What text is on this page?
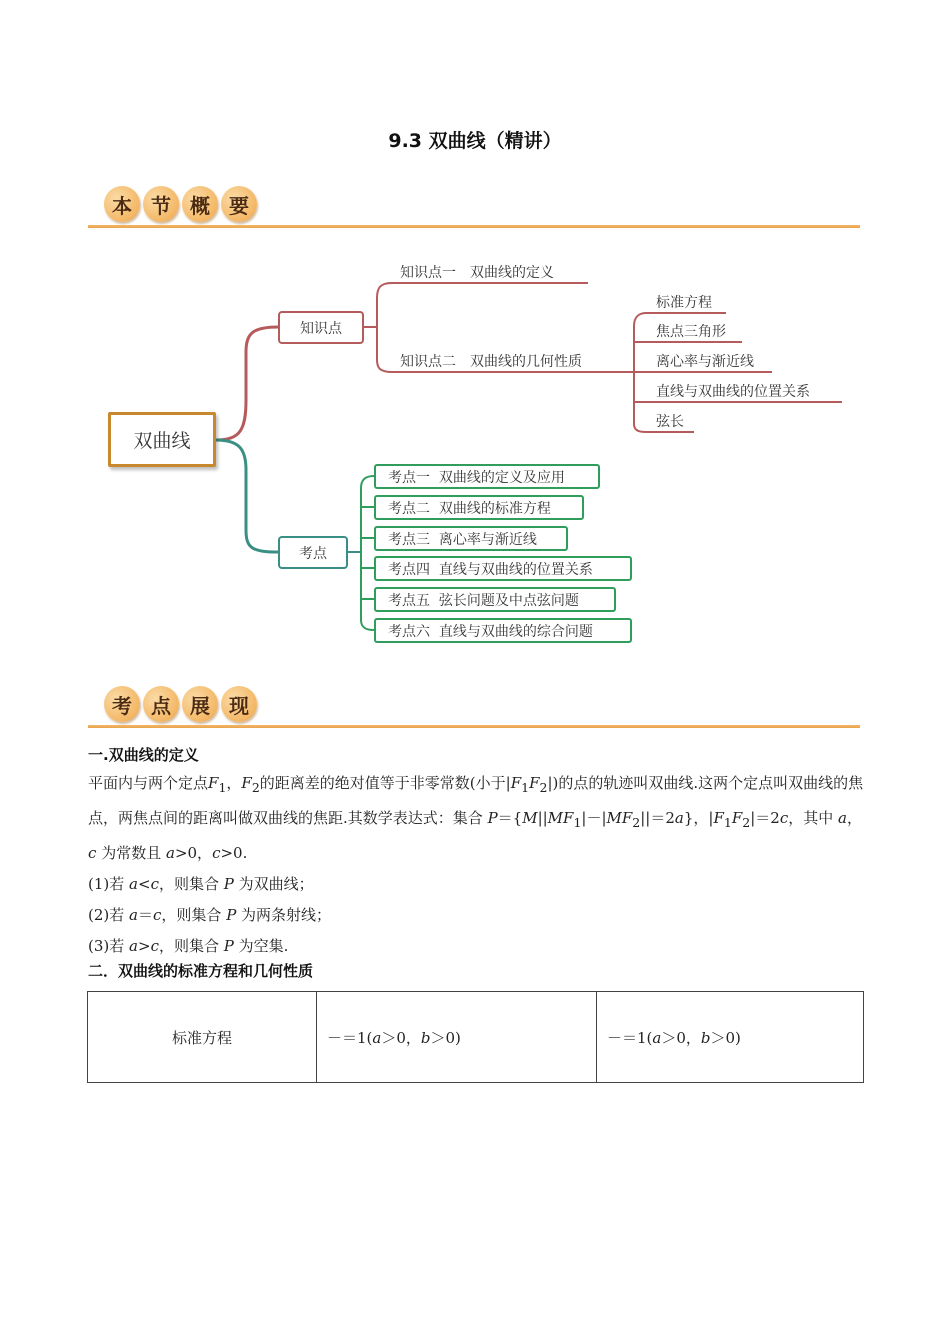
9.3 双曲线（精讲）
本 节 概 要
双曲线
知识点
考点
知识点一　双曲线的定义
知识点二　双曲线的几何性质
标准方程
焦点三角形
离心率与渐近线
直线与双曲线的位置关系
弦长
考点一  双曲线的定义及应用
考点二  双曲线的标准方程
考点三  离心率与渐近线
考点四  直线与双曲线的位置关系
考点五  弦长问题及中点弦问题
考点六  直线与双曲线的综合问题
考 点 展 现
一.双曲线的定义

平面内与两个定点$F_1$，$F_2$的距离差的绝对值等于非零常数(小于$|F_1F_2|$)的点的轨迹叫双曲线.这两个定点叫双曲线的焦点，两焦点间的距离叫做双曲线的焦距.其数学表达式：集合 $P=\{M||MF_1|-|MF_2||=2a\}$，$|F_1F_2|=2c$，其中 a，c 为常数且 a>0，c>0.

(1)若 a<c，则集合 P 为双曲线；

(2)若 a＝c，则集合 P 为两条射线；

(3)若 a>c，则集合 P 为空集.

二．双曲线的标准方程和几何性质
标准方程	－＝1(a＞0，b＞0)	－＝1(a＞0，b＞0)
